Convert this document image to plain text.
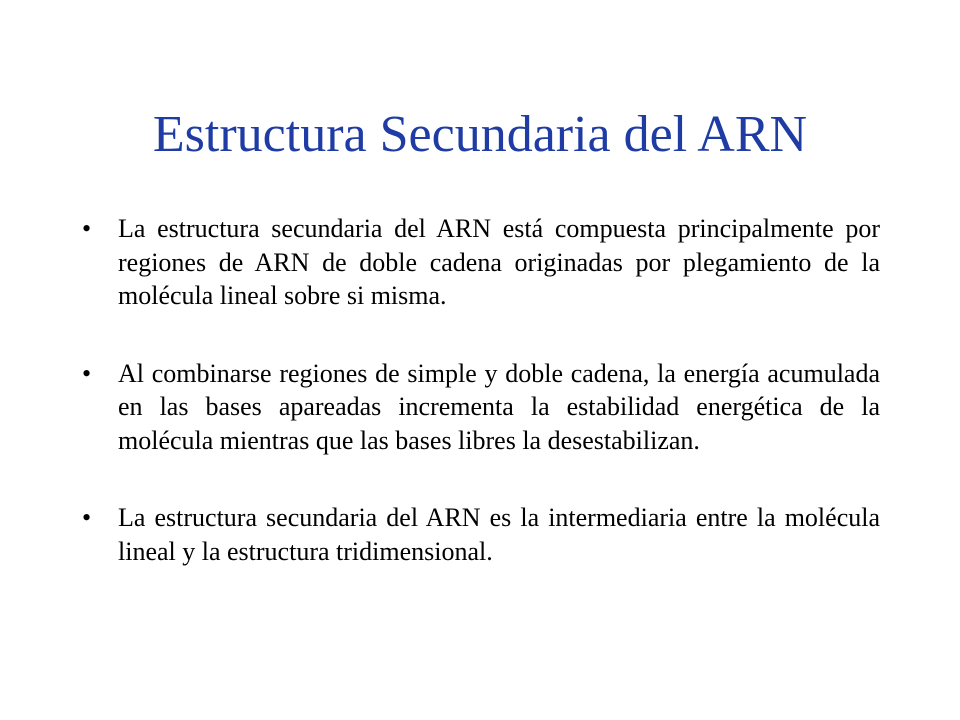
Estructura Secundaria del ARN
•	La estructura secundaria del ARN está compuesta principalmente por regiones de ARN de doble cadena originadas por plegamiento de la molécula lineal sobre si misma.
•	Al combinarse regiones de simple y doble cadena, la energía acumulada en las bases apareadas incrementa la estabilidad energética de la molécula mientras que las bases libres la desestabilizan.
•	La estructura secundaria del ARN es la intermediaria entre la molécula lineal y la estructura tridimensional.
